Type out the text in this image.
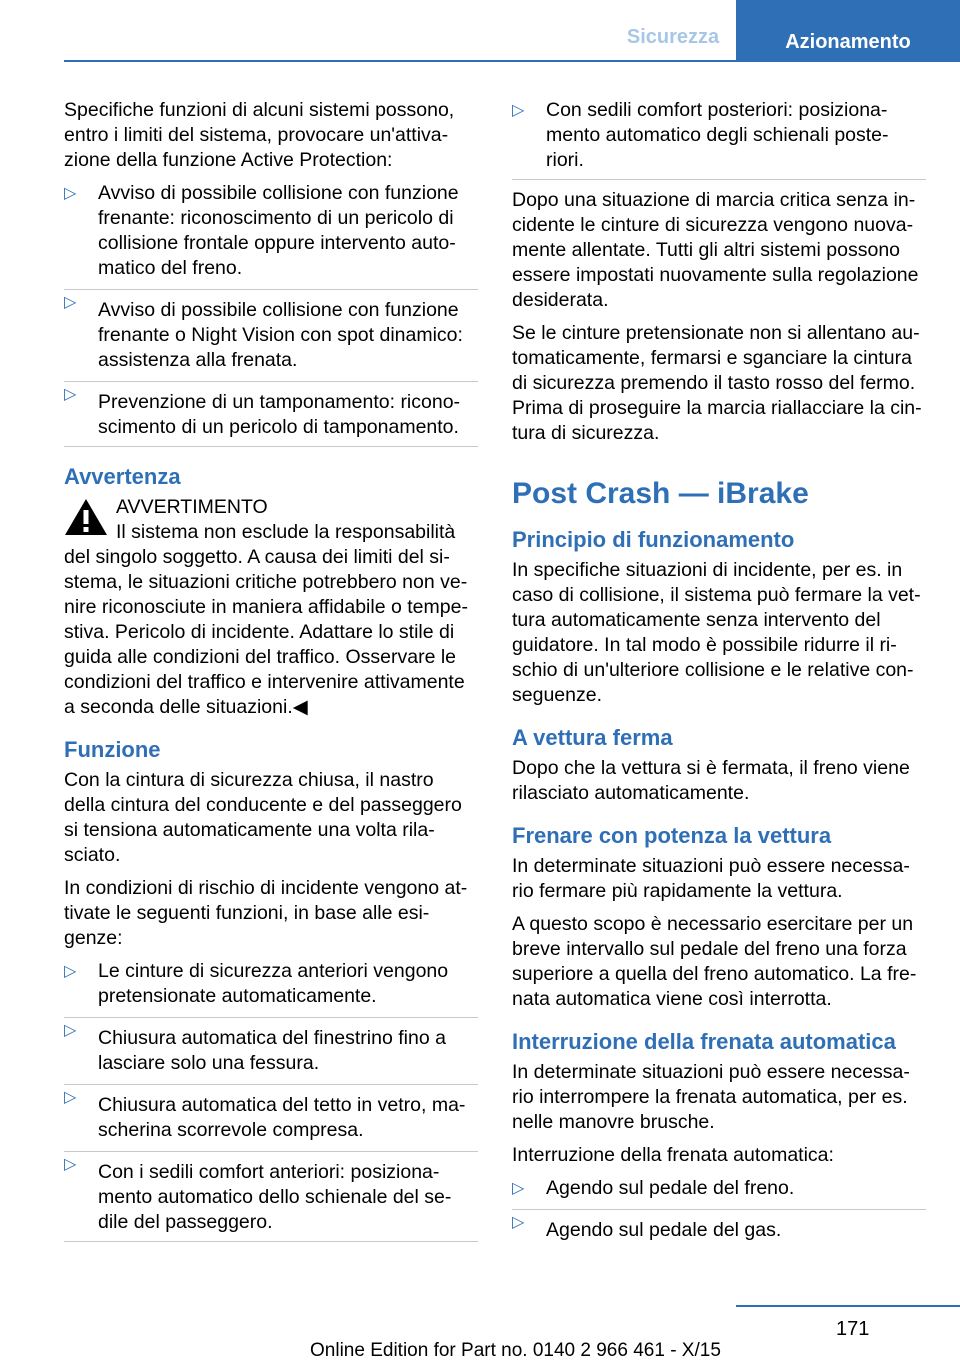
Sicurezza	Azionamento

Specifiche funzioni di alcuni sistemi possono, entro i limiti del sistema, provocare un'attiva-zione della funzione Active Protection:

▷ Avviso di possibile collisione con funzione frenante: riconoscimento di un pericolo di collisione frontale oppure intervento auto-matico del freno.
▷ Avviso di possibile collisione con funzione frenante o Night Vision con spot dinamico: assistenza alla frenata.
▷ Prevenzione di un tamponamento: ricono-scimento di un pericolo di tamponamento.
Avvertenza
AVVERTIMENTO
Il sistema non esclude la responsabilità
del singolo soggetto. A causa dei limiti del si-stema, le situazioni critiche potrebbero non ve-nire riconosciute in maniera affidabile o tempe-stiva. Pericolo di incidente. Adattare lo stile di guida alle condizioni del traffico. Osservare le condizioni del traffico e intervenire attivamente a seconda delle situazioni.◀
Funzione

Con la cintura di sicurezza chiusa, il nastro della cintura del conducente e del passeggero si tensiona automaticamente una volta rila-sciato.

In condizioni di rischio di incidente vengono at-tivate le seguenti funzioni, in base alle esi-genze:

▷ Le cinture di sicurezza anteriori vengono pretensionate automaticamente.
▷ Chiusura automatica del finestrino fino a lasciare solo una fessura.
▷ Chiusura automatica del tetto in vetro, ma-scherina scorrevole compresa.
▷ Con i sedili comfort anteriori: posiziona-mento automatico dello schienale del se-dile del passeggero.
▷ Con sedili comfort posteriori: posiziona-mento automatico degli schienali poste-riori.

Dopo una situazione di marcia critica senza in-cidente le cinture di sicurezza vengono nuova-mente allentate. Tutti gli altri sistemi possono essere impostati nuovamente sulla regolazione desiderata.

Se le cinture pretensionate non si allentano au-tomaticamente, fermarsi e sganciare la cintura di sicurezza premendo il tasto rosso del fermo. Prima di proseguire la marcia riallacciare la cin-tura di sicurezza.

Post Crash — iBrake
Principio di funzionamento

In specifiche situazioni di incidente, per es. in caso di collisione, il sistema può fermare la vet-tura automaticamente senza intervento del guidatore. In tal modo è possibile ridurre il ri-schio di un'ulteriore collisione e le relative con-seguenze.

A vettura ferma

Dopo che la vettura si è fermata, il freno viene rilasciato automaticamente.

Frenare con potenza la vettura

In determinate situazioni può essere necessa-rio fermare più rapidamente la vettura.

A questo scopo è necessario esercitare per un breve intervallo sul pedale del freno una forza superiore a quella del freno automatico. La fre-nata automatica viene così interrotta.

Interruzione della frenata automatica

In determinate situazioni può essere necessa-rio interrompere la frenata automatica, per es. nelle manovre brusche.

Interruzione della frenata automatica:

▷ Agendo sul pedale del freno.
▷ Agendo sul pedale del gas.
171
Online Edition for Part no. 0140 2 966 461 - X/15
